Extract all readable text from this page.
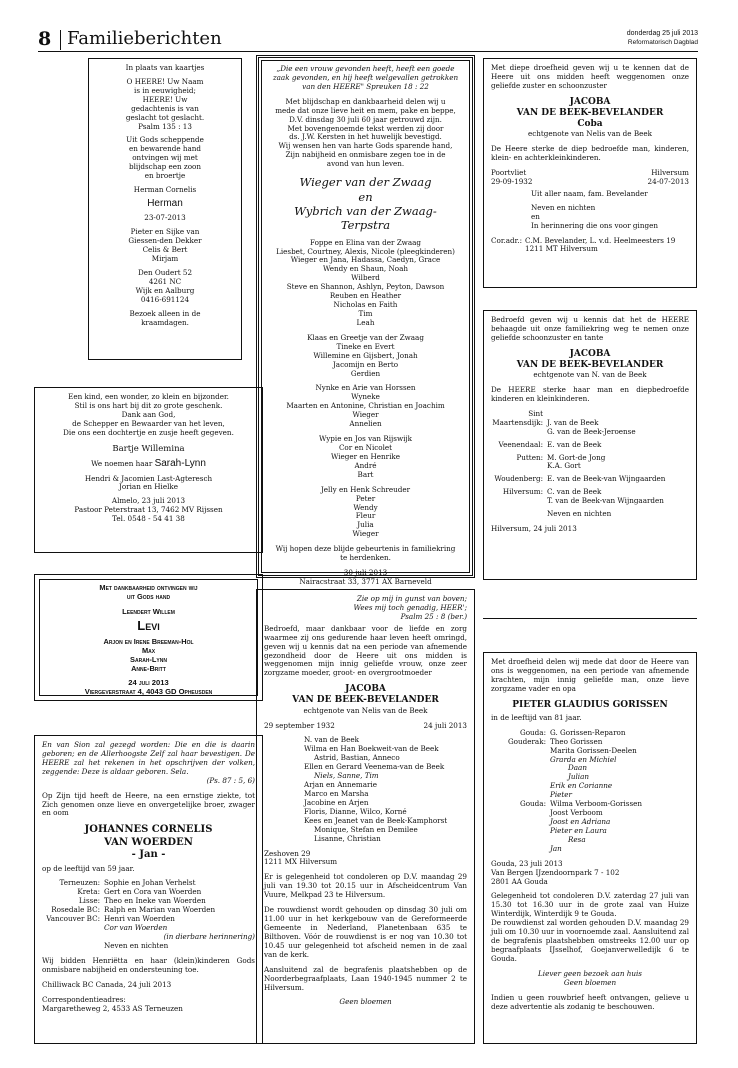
8 Familieberichten	donderdag 25 juli 2013
Reformatorisch Dagblad
In plaats van kaartjes

O HEERE! Uw Naam
is in eeuwigheid;
HEERE! Uw
gedachtenis is van
geslacht tot geslacht.
Psalm 135 : 13

Uit Gods scheppende
en bewarende hand
ontvingen wij met
blijdschap een zoon
en broertje

Herman Cornelis
Herman
23-07-2013

Pieter en Sijke van
Giessen-den Dekker
Celis & Bert
Mirjam

Den Oudert 52
4261 NC
Wijk en Aalburg
0416-691124

Bezoek alleen in de
kraamdagen.
Een kind, een wonder, zo klein en bijzonder.
Stil is ons hart bij dit zo grote geschenk.
Dank aan God,
de Schepper en Bewaarder van het leven,
Die ons een dochtertje en zusje heeft gegeven.
Bartje Willemina
We noemen haar Sarah-Lynn
Hendri & Jacomien Last-Agteresch
Jorian en Hielke

Almelo, 23 juli 2013
Pastoor Peterstraat 13, 7462 MV Rijssen
Tel. 0548 - 54 41 38
Met dankbaarheid ontvingen wij
uit Gods hand
Leendert Willem
Levi
Arjon en Irene Breeman-Hol
Max
Sarah-Lynn
Anne-Britt
24 juli 2013
Viergeverstraat 4, 4043 GD Opheusden
En van Sion zal gezegd worden: Die en die is daarin geboren; en de Allerhoogste Zelf zal haar bevestigen. De HEERE zal het rekenen in het opschrijven der volken, zeggende: Deze is aldaar geboren. Sela.
(Ps. 87 : 5, 6)
Op Zijn tijd heeft de Heere, na een ernstige ziekte, tot Zich genomen onze lieve en onvergetelijke broer, zwager en oom
JOHANNES CORNELIS
VAN WOERDEN
- Jan -
op de leeftijd van 59 jaar.
Terneuzen: Sophie en Johan Verhelst
Kreta: Gert en Cora van Woerden
Lisse: Theo en Ineke van Woerden
Rosedale BC: Ralph en Marian van Woerden
Vancouver BC: Henri van Woerden
Cor van Woerden
(in dierbare herinnering)
Neven en nichten
Wij bidden Henriëtta en haar (klein)kinderen Gods onmisbare nabijheid en ondersteuning toe.
Chilliwack BC Canada, 24 juli 2013
Correspondentieadres:
Margaretheweg 2, 4533 AS Terneuzen
„Die een vrouw gevonden heeft, heeft een goede zaak gevonden, en hij heeft welgevallen getrokken van den HEERE" Spreuken 18 : 22
Met blijdschap en dankbaarheid delen wij u
mede dat onze lieve heit en mem, pake en beppe,
D.V. dinsdag 30 juli 60 jaar getrouwd zijn.
Met bovengenoemde tekst werden zij door
ds. J.W. Kersten in het huwelijk bevestigd.
Wij wensen hen van harte Gods sparende hand,
Zijn nabijheid en onmisbare zegen toe in de
avond van hun leven.
Wieger van der Zwaag
en
Wybrich van der Zwaag-
Terpstra
Foppe en Elina van der Zwaag
Liesbet, Courtney, Alexis, Nicole (pleegkinderen)
Wieger en Jana, Hadassa, Caedyn, Grace
Wendy en Shaun, Noah
Wilberd
Steve en Shannon, Ashlyn, Peyton, Dawson
Reuben en Heather
Nicholas en Faith
Tim
Leah
Klaas en Greetje van der Zwaag
Tineke en Evert
Willemine en Gijsbert, Jonah
Jacomijn en Berto
Gerdien
Nynke en Arie van Horssen
Wyneke
Maarten en Antonine, Christian en Joachim
Wieger
Annelien
Wypie en Jos van Rijswijk
Cor en Nicolet
Wieger en Henrike
André
Bart
Jelly en Henk Schreuder
Peter
Wendy
Fleur
Julia
Wieger
Wij hopen deze blijde gebeurtenis in familiekring
te herdenken.
30 juli 2013
Nairacstraat 33, 3771 AX Barneveld
Zie op mij in gunst van boven;
Wees mij toch genadig, HEER';
Psalm 25 : 8 (ber.)
Bedroefd, maar dankbaar voor de liefde en zorg waarmee zij ons gedurende haar leven heeft omringd, geven wij u kennis dat na een periode van afnemende gezondheid door de Heere uit ons midden is weggenomen mijn innig geliefde vrouw, onze zeer zorgzame moeder, groot- en overgrootmoeder
JACOBA
VAN DE BEEK-BEVELANDER
echtgenote van Nelis van de Beek
29 september 1932	24 juli 2013
N. van de Beek
Wilma en Han Boekweit-van de Beek
Astrid, Bastian, Anneco
Ellen en Gerard Veenema-van de Beek
Niels, Sanne, Tim
Arjan en Annemarie
Marco en Marsha
Jacobine en Arjen
Floris, Dianne, Wilco, Korné
Kees en Jeanet van de Beek-Kamphorst
Monique, Stefan en Demilee
Lisanne, Christian
Zeshoven 29
1211 MX Hilversum
Er is gelegenheid tot condoleren op D.V. maandag 29 juli van 19.30 tot 20.15 uur in Afscheidcentrum Van Vuure, Melkpad 23 te Hilversum.
De rouwdienst wordt gehouden op dinsdag 30 juli om 11.00 uur in het kerkgebouw van de Gereformeerde Gemeente in Nederland, Planetenbaan 635 te Bilthoven. Vóór de rouwdienst is er nog van 10.30 tot 10.45 uur gelegenheid tot afscheid nemen in de zaal van de kerk.
Aansluitend zal de begrafenis plaatshebben op de Noorderbegraafplaats, Laan 1940-1945 nummer 2 te Hilversum.
Geen bloemen
Met diepe droefheid geven wij u te kennen dat de Heere uit ons midden heeft weggenomen onze geliefde zuster en schoonzuster
JACOBA
VAN DE BEEK-BEVELANDER
Coba
echtgenote van Nelis van de Beek
De Heere sterke de diep bedroefde man, kinderen, klein- en achterkleinkinderen.
Poortvliet	Hilversum
29-09-1932	24-07-2013
Uit aller naam, fam. Bevelander

Neven en nichten
en
In herinnering die ons voor gingen
Cor.adr.: C.M. Bevelander, L. v.d. Heelmeesters 19
1211 MT Hilversum
Bedroefd geven wij u kennis dat het de HEERE behaagde uit onze familiekring weg te nemen onze geliefde schoonzuster en tante
JACOBA
VAN DE BEEK-BEVELANDER
echtgenote van N. van de Beek
De HEERE sterke haar man en diepbedroefde kinderen en kleinkinderen.
Sint
Maartensdijk: J. van de Beek
G. van de Beek-Jeroense
Veenendaal: E. van de Beek
Putten: M. Gort-de Jong
K.A. Gort
Woudenberg: E. van de Beek-van Wijngaarden
Hilversum: C. van de Beek
T. van de Beek-van Wijngaarden
Neven en nichten
Hilversum, 24 juli 2013
Met droefheid delen wij mede dat door de Heere van ons is weggenomen, na een periode van afnemende krachten, mijn innig geliefde man, onze lieve zorgzame vader en opa
PIETER GLAUDIUS GORISSEN
in de leeftijd van 81 jaar.
Gouda: G. Gorissen-Reparon
Gouderak: Theo Gorissen
Marita Gorissen-Deelen
Grarda en Michiel
Daan
Julian
Erik en Corianne
Pieter
Gouda: Wilma Verboom-Gorissen
Joost Verboom
Joost en Adriana
Pieter en Laura
Resa
Jan
Gouda, 23 juli 2013
Van Bergen IJzendoornpark 7 - 102
2801 AA Gouda
Gelegenheid tot condoleren D.V. zaterdag 27 juli van 15.30 tot 16.30 uur in de grote zaal van Huize Winterdijk, Winterdijk 9 te Gouda.
De rouwdienst zal worden gehouden D.V. maandag 29 juli om 10.30 uur in voornoemde zaal. Aansluitend zal de begrafenis plaatshebben omstreeks 12.00 uur op begraafplaats IJsselhof, Goejanverwelledijk 6 te Gouda.
Liever geen bezoek aan huis
Geen bloemen
Indien u geen rouwbrief heeft ontvangen, gelieve u deze advertentie als zodanig te beschouwen.
